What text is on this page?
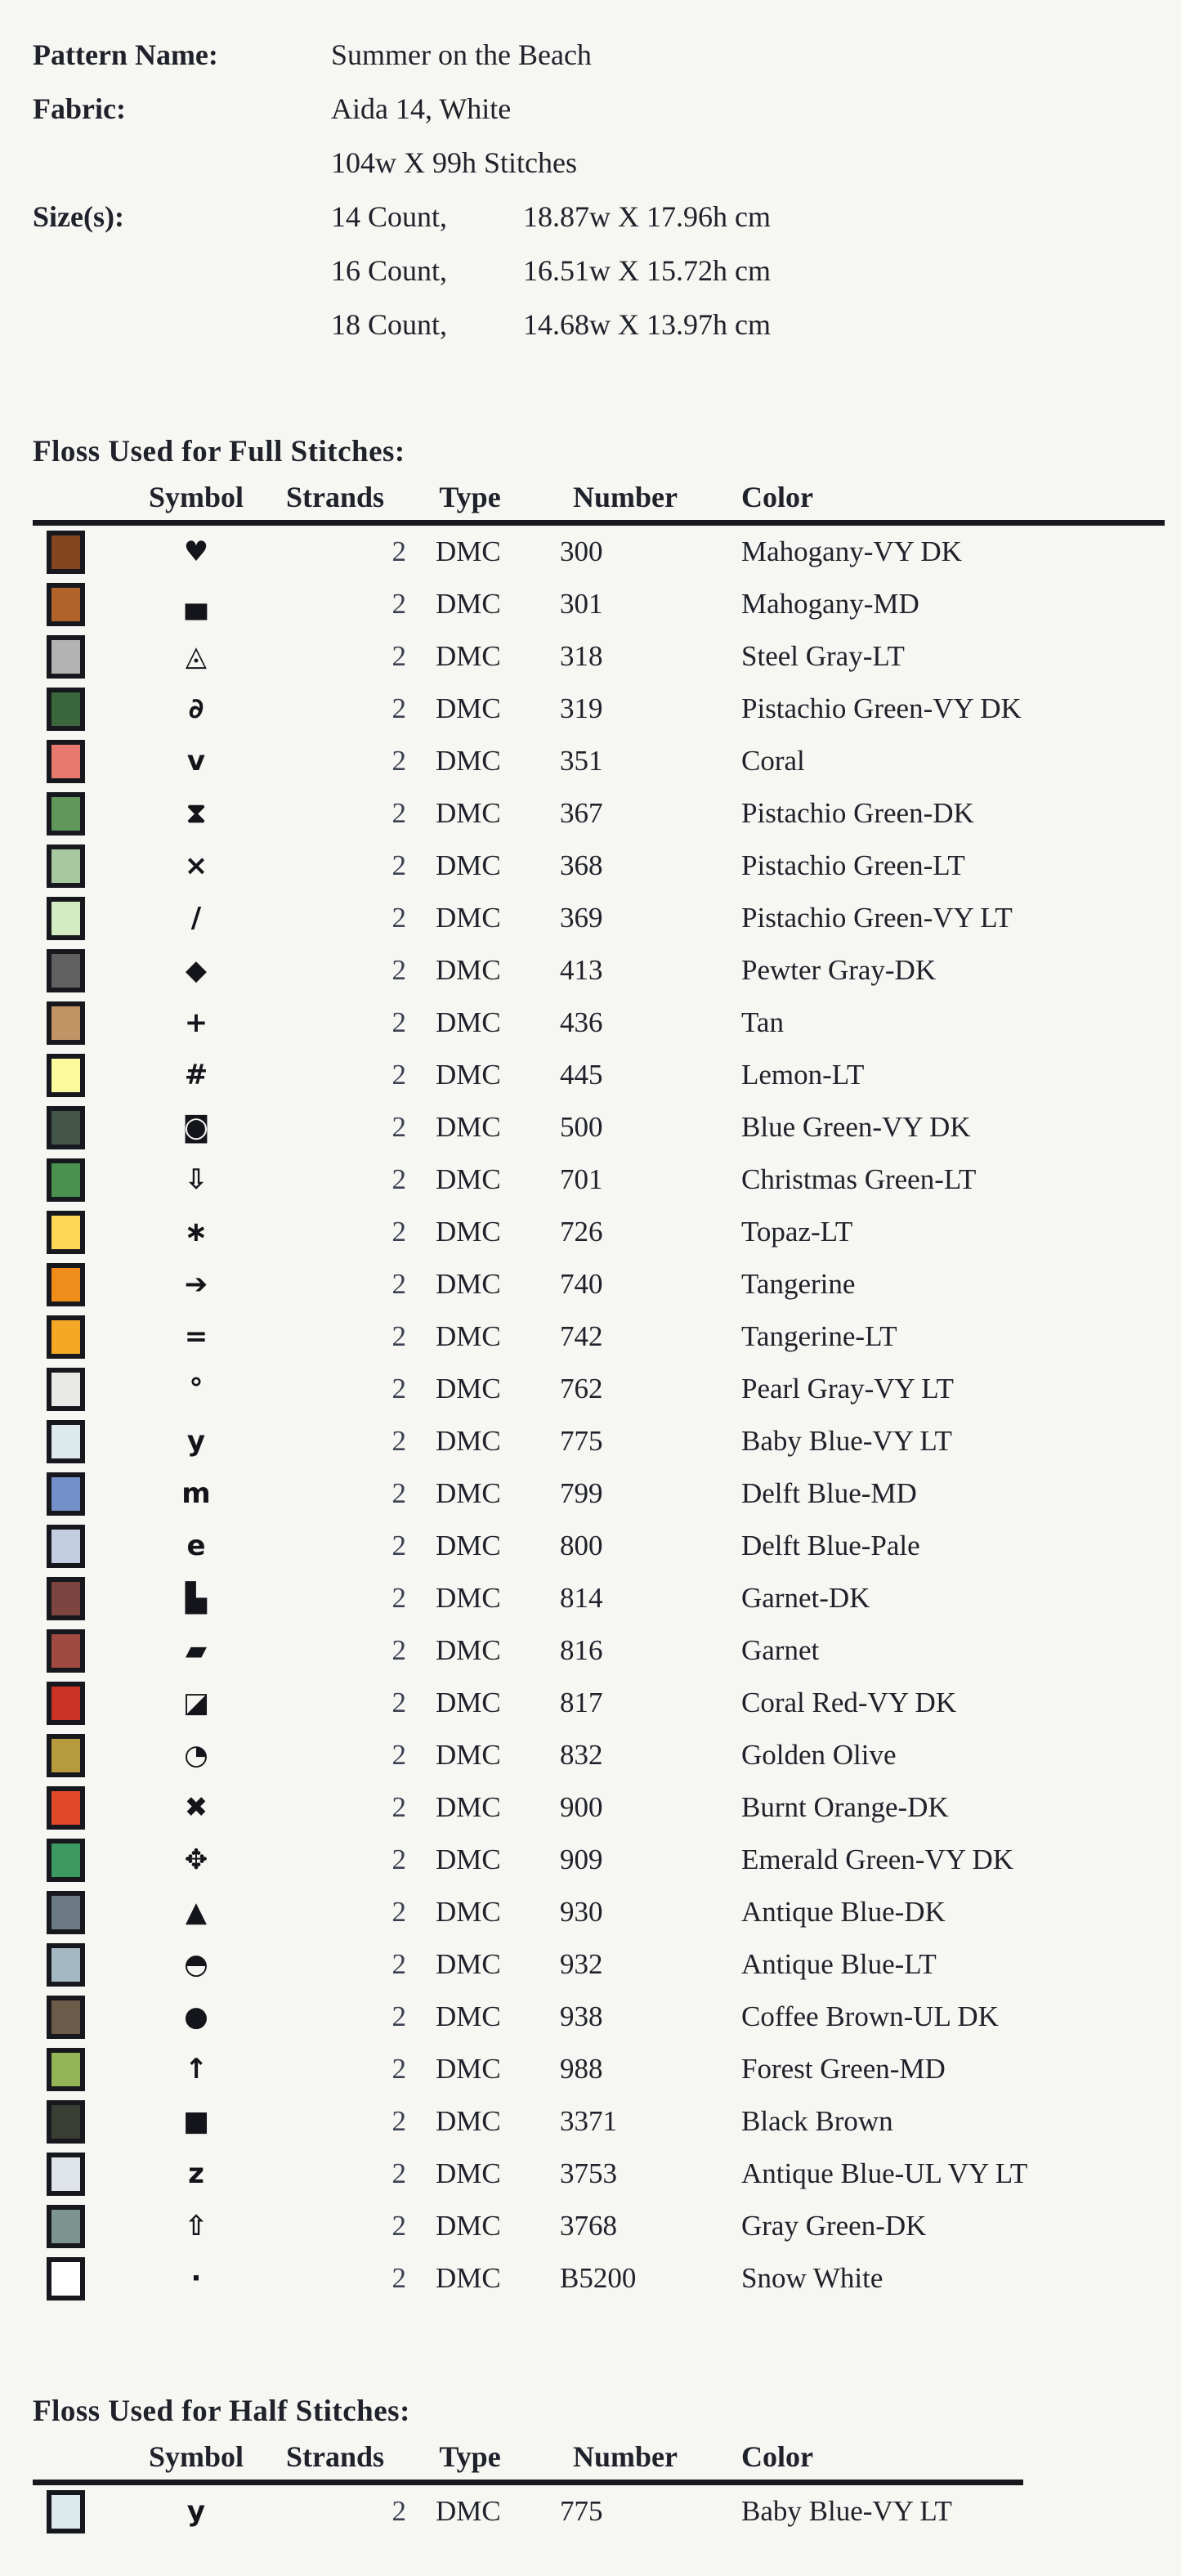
Pattern Name:	Summer on the Beach
Fabric:	Aida 14, White
104w X 99h Stitches
Size(s):	14 Count,	18.87w X 17.96h cm
16 Count,	16.51w X 15.72h cm
18 Count,	14.68w X 13.97h cm
Floss Used for Full Stitches:
Symbol	Strands	Type	Number	Color
♥	2	DMC	300	Mahogany-VY DK
▄	2	DMC	301	Mahogany-MD
◬	2	DMC	318	Steel Gray-LT
∂	2	DMC	319	Pistachio Green-VY DK
v	2	DMC	351	Coral
⧗	2	DMC	367	Pistachio Green-DK
×	2	DMC	368	Pistachio Green-LT
/	2	DMC	369	Pistachio Green-VY LT
◆	2	DMC	413	Pewter Gray-DK
+	2	DMC	436	Tan
#	2	DMC	445	Lemon-LT
◙	2	DMC	500	Blue Green-VY DK
⇩	2	DMC	701	Christmas Green-LT
∗	2	DMC	726	Topaz-LT
➔	2	DMC	740	Tangerine
=	2	DMC	742	Tangerine-LT
°	2	DMC	762	Pearl Gray-VY LT
y	2	DMC	775	Baby Blue-VY LT
m	2	DMC	799	Delft Blue-MD
e	2	DMC	800	Delft Blue-Pale
▙	2	DMC	814	Garnet-DK
▰	2	DMC	816	Garnet
◪	2	DMC	817	Coral Red-VY DK
◔	2	DMC	832	Golden Olive
✖	2	DMC	900	Burnt Orange-DK
✥	2	DMC	909	Emerald Green-VY DK
▲	2	DMC	930	Antique Blue-DK
◓	2	DMC	932	Antique Blue-LT
●	2	DMC	938	Coffee Brown-UL DK
↑	2	DMC	988	Forest Green-MD
■	2	DMC	3371	Black Brown
z	2	DMC	3753	Antique Blue-UL VY LT
⇧	2	DMC	3768	Gray Green-DK
·	2	DMC	B5200	Snow White
Floss Used for Half Stitches:
Symbol	Strands	Type	Number	Color
y	2	DMC	775	Baby Blue-VY LT
